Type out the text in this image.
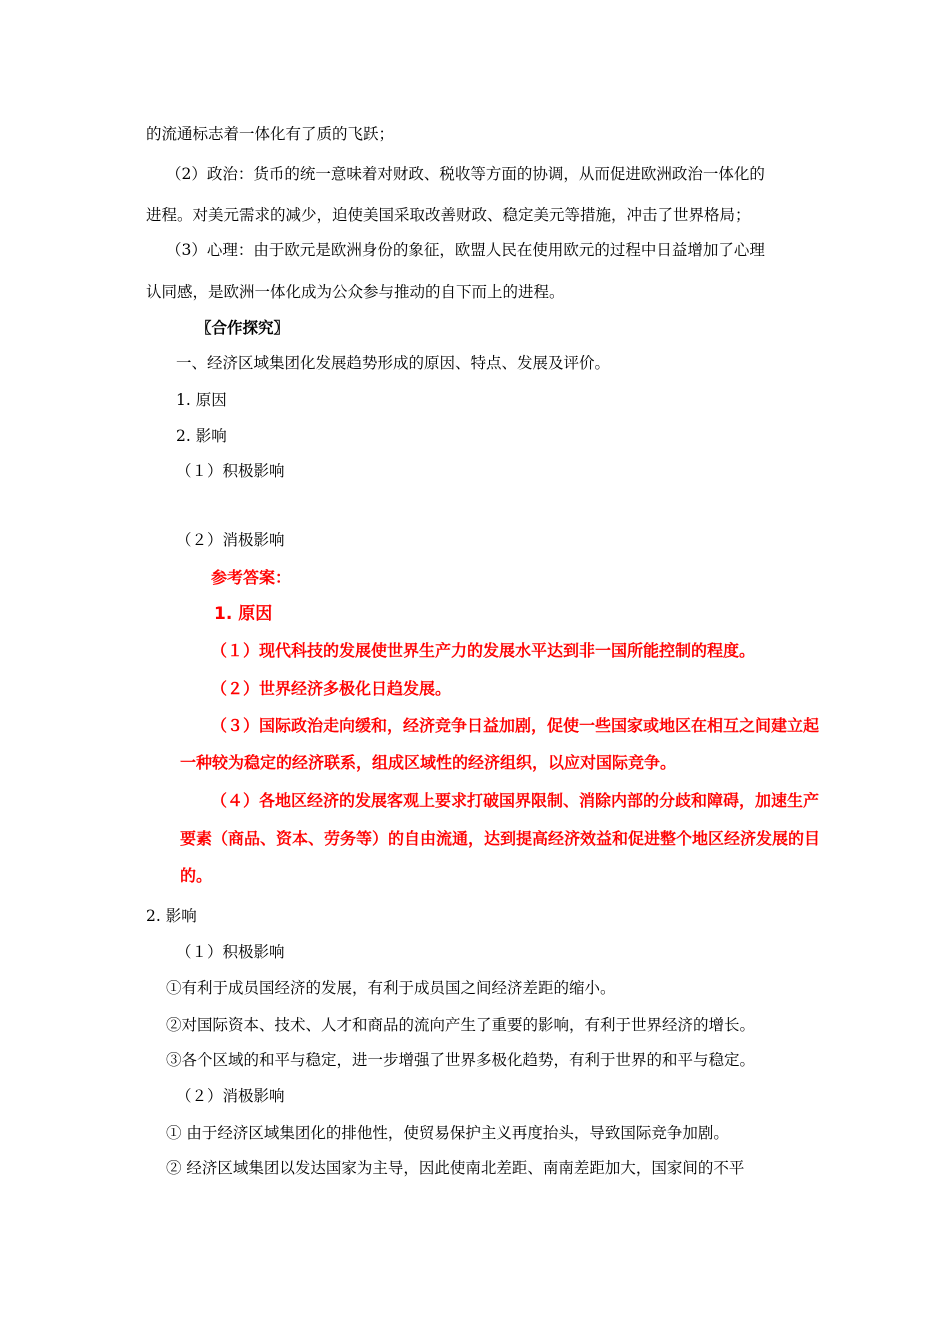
的流通标志着一体化有了质的飞跃；
（2）政治：货币的统一意味着对财政、税收等方面的协调，从而促进欧洲政治一体化的
进程。对美元需求的减少，迫使美国采取改善财政、稳定美元等措施，冲击了世界格局；
（3）心理：由于欧元是欧洲身份的象征，欧盟人民在使用欧元的过程中日益增加了心理
认同感，是欧洲一体化成为公众参与推动的自下而上的进程。
〖合作探究〗
一、经济区域集团化发展趋势形成的原因、特点、发展及评价。
1. 原因
2. 影响
（１）积极影响
（２）消极影响
参考答案：
1. 原因
（１）现代科技的发展使世界生产力的发展水平达到非一国所能控制的程度。
（２）世界经济多极化日趋发展。
（３）国际政治走向缓和，经济竞争日益加剧，促使一些国家或地区在相互之间建立起
一种较为稳定的经济联系，组成区域性的经济组织，以应对国际竞争。
（４）各地区经济的发展客观上要求打破国界限制、消除内部的分歧和障碍，加速生产
要素（商品、资本、劳务等）的自由流通，达到提高经济效益和促进整个地区经济发展的目
的。
2. 影响
（１）积极影响
①有利于成员国经济的发展，有利于成员国之间经济差距的缩小。
②对国际资本、技术、人才和商品的流向产生了重要的影响，有利于世界经济的增长。
③各个区域的和平与稳定，进一步增强了世界多极化趋势，有利于世界的和平与稳定。
（２）消极影响
① 由于经济区域集团化的排他性，使贸易保护主义再度抬头，导致国际竞争加剧。
② 经济区域集团以发达国家为主导，因此使南北差距、南南差距加大，国家间的不平
